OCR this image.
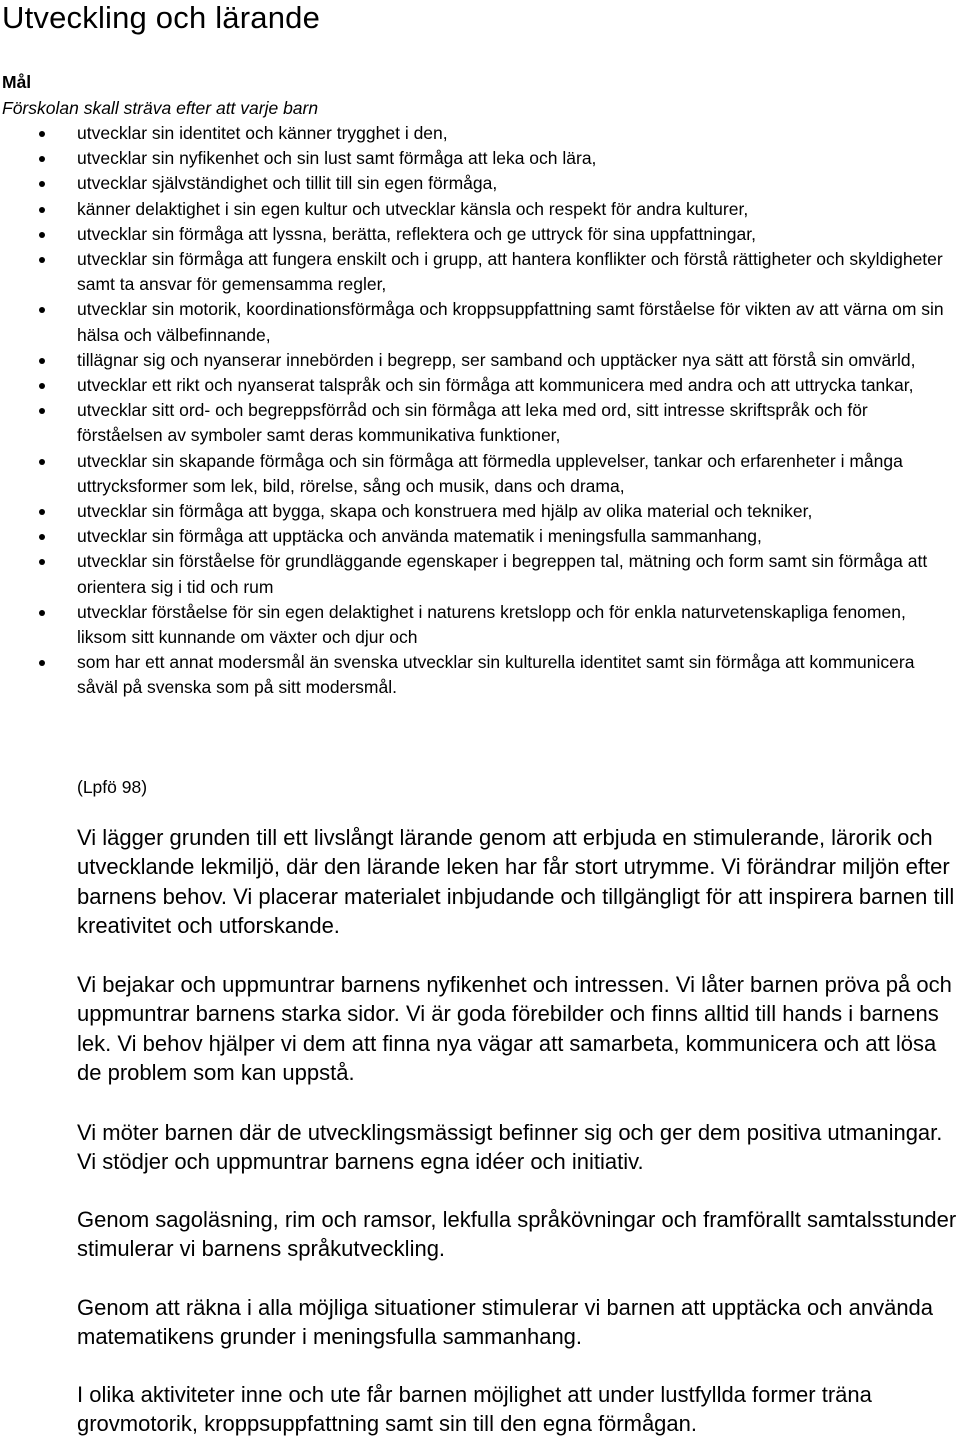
Utveckling och lärande
Mål

Förskolan skall sträva efter att varje barn

utvecklar sin identitet och känner trygghet i den,
utvecklar sin nyfikenhet och sin lust samt förmåga att leka och lära,
utvecklar självständighet och tillit till sin egen förmåga,
känner delaktighet i sin egen kultur och utvecklar känsla och respekt för andra kulturer,
utvecklar sin förmåga att lyssna, berätta, reflektera och ge uttryck för sina uppfattningar,
utvecklar sin förmåga att fungera enskilt och i grupp, att hantera konflikter och förstå rättigheter och skyldigheter samt ta ansvar för gemensamma regler,
utvecklar sin motorik, koordinationsförmåga och kroppsuppfattning samt förståelse för vikten av att värna om sin hälsa och välbefinnande,
tillägnar sig och nyanserar innebörden i begrepp, ser samband och upptäcker nya sätt att förstå sin omvärld,
utvecklar ett rikt och nyanserat talspråk och sin förmåga att kommunicera med andra och att uttrycka tankar,
utvecklar sitt ord- och begreppsförråd och sin förmåga att leka med ord, sitt intresse skriftspråk och för förståelsen av symboler samt deras kommunikativa funktioner,
utvecklar sin skapande förmåga och sin förmåga att förmedla upplevelser, tankar och erfarenheter i många uttrycksformer som lek, bild, rörelse, sång och musik, dans och drama,
utvecklar sin förmåga att bygga, skapa och konstruera med hjälp av olika material och tekniker,
utvecklar sin förmåga att upptäcka och använda matematik i meningsfulla sammanhang,
utvecklar sin förståelse för grundläggande egenskaper i begreppen tal, mätning och form samt sin förmåga att orientera sig i tid och rum
utvecklar förståelse för sin egen delaktighet i naturens kretslopp och för enkla naturvetenskapliga fenomen, liksom sitt kunnande om växter och djur och
som har ett annat modersmål än svenska utvecklar sin kulturella identitet samt sin förmåga att kommunicera såväl på svenska som på sitt modersmål.

(Lpfö 98)

Vi lägger grunden till ett livslångt lärande genom att erbjuda en stimulerande, lärorik och utvecklande lekmiljö, där den lärande leken har får stort utrymme. Vi förändrar miljön efter barnens behov. Vi placerar materialet inbjudande och tillgängligt för att inspirera barnen till kreativitet och utforskande.

Vi bejakar och uppmuntrar barnens nyfikenhet och intressen. Vi låter barnen pröva på och uppmuntrar barnens starka sidor. Vi är goda förebilder och finns alltid till hands i barnens lek. Vi behov hjälper vi dem att finna nya vägar att samarbeta, kommunicera och att lösa de problem som kan uppstå.

Vi möter barnen där de utvecklingsmässigt befinner sig och ger dem positiva utmaningar. Vi stödjer och uppmuntrar barnens egna idéer och initiativ.

Genom sagoläsning, rim och ramsor, lekfulla språkövningar och framförallt samtalsstunder stimulerar vi barnens språkutveckling.

Genom att räkna i alla möjliga situationer stimulerar vi barnen att upptäcka och använda matematikens grunder i meningsfulla sammanhang.

I olika aktiviteter inne och ute får barnen möjlighet att under lustfyllda former träna grovmotorik, kroppsuppfattning samt sin till den egna förmågan.
